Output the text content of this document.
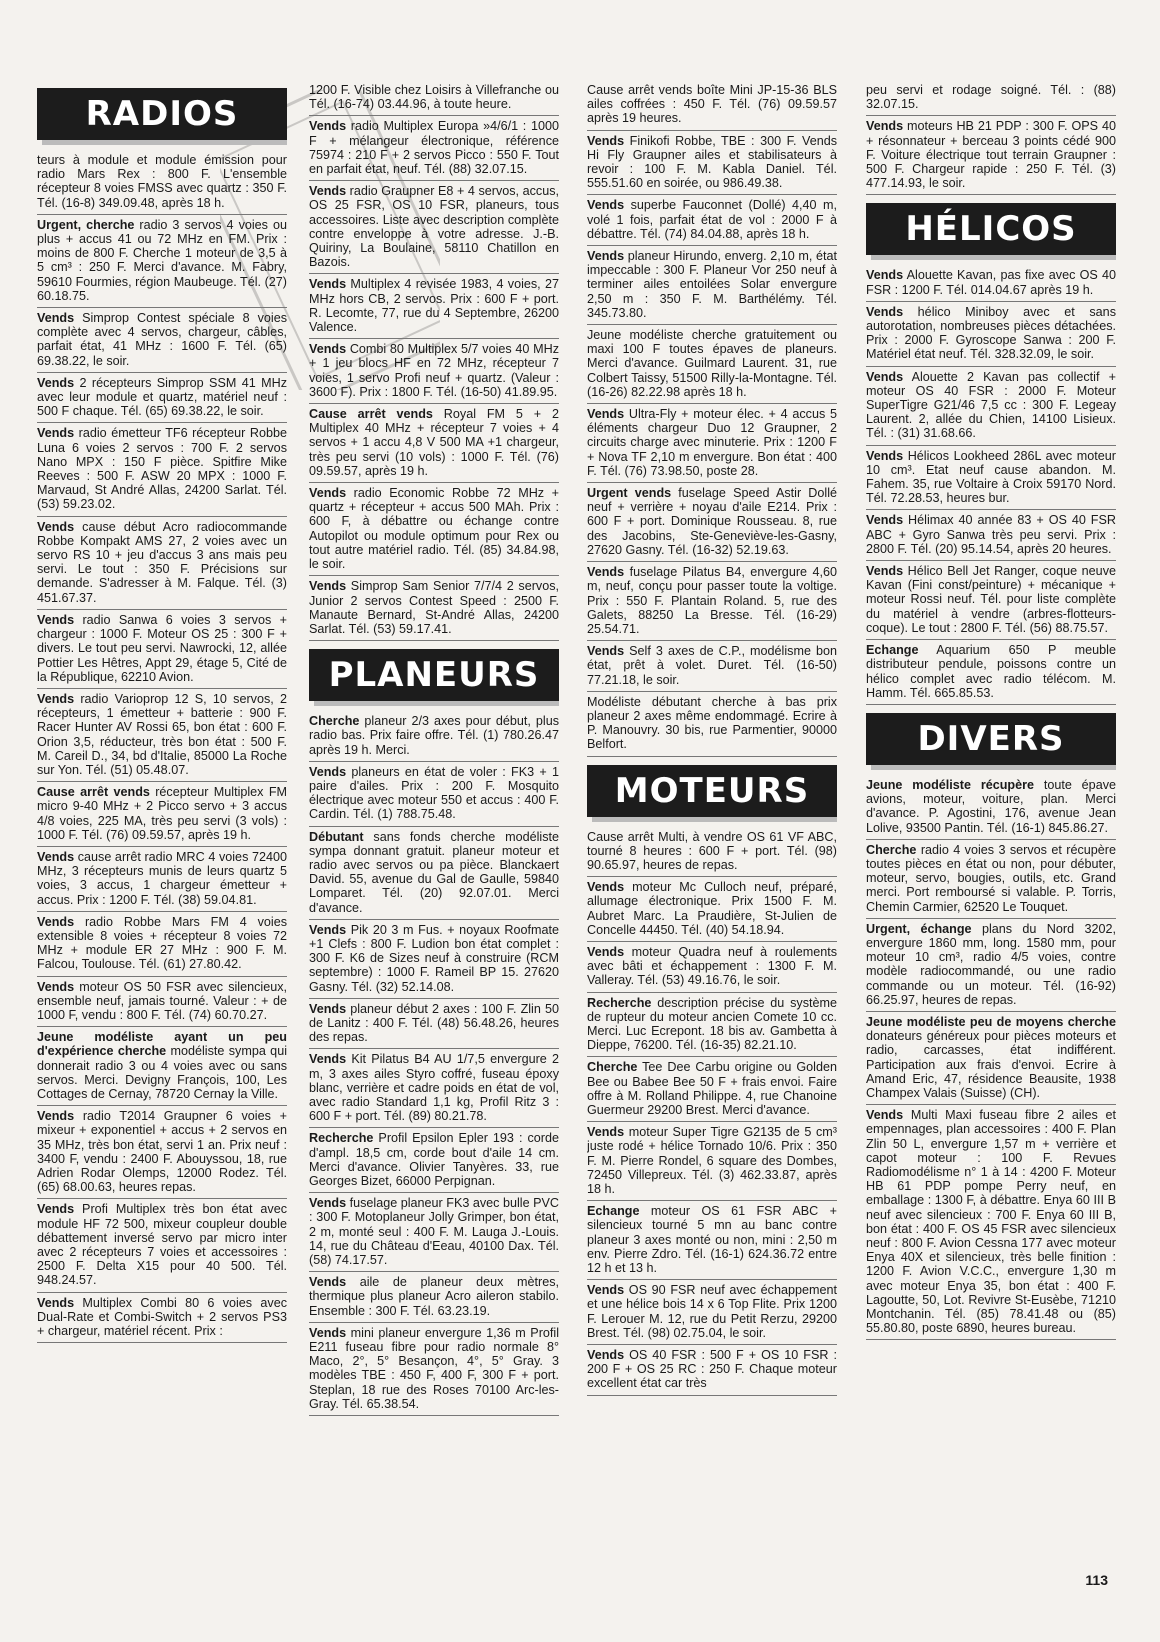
RADIOS

teurs à module et module émission pour radio Mars Rex : 800 F. L'ensemble récepteur 8 voies FMSS avec quartz : 350 F. Tél. (16-8) 349.09.48, après 18 h.

Urgent, cherche radio 3 servos 4 voies ou plus + accus 41 ou 72 MHz en FM. Prix : moins de 800 F. Cherche 1 moteur de 3,5 à 5 cm³ : 250 F. Merci d'avance. M. Fabry, 59610 Fourmies, région Maubeuge. Tél. (27) 60.18.75.

Vends Simprop Contest spéciale 8 voies complète avec 4 servos, chargeur, câbles, parfait état, 41 MHz : 1600 F. Tél. (65) 69.38.22, le soir.

Vends 2 récepteurs Simprop SSM 41 MHz avec leur module et quartz, matériel neuf : 500 F chaque. Tél. (65) 69.38.22, le soir.

Vends radio émetteur TF6 récepteur Robbe Luna 6 voies 2 servos : 700 F. 2 servos Nano MPX : 150 F pièce. Spitfire Mike Reeves : 500 F. ASW 20 MPX : 1000 F. Marvaud, St André Allas, 24200 Sarlat. Tél. (53) 59.23.02.

Vends cause début Acro radiocommande Robbe Kompakt AMS 27, 2 voies avec un servo RS 10 + jeu d'accus 3 ans mais peu servi. Le tout : 350 F. Précisions sur demande. S'adresser à M. Falque. Tél. (3) 451.67.37.

Vends radio Sanwa 6 voies 3 servos + chargeur : 1000 F. Moteur OS 25 : 300 F + divers. Le tout peu servi. Nawrocki, 12, allée Pottier Les Hêtres, Appt 29, étage 5, Cité de la République, 62210 Avion.

Vends radio Varioprop 12 S, 10 servos, 2 récepteurs, 1 émetteur + batterie : 900 F. Racer Hunter AV Rossi 65, bon état : 600 F. Orion 3,5, réducteur, très bon état : 500 F. M. Careil D., 34, bd d'Italie, 85000 La Roche sur Yon. Tél. (51) 05.48.07.

Cause arrêt vends récepteur Multiplex FM micro 9-40 MHz + 2 Picco servo + 3 accus 4/8 voies, 225 MA, très peu servi (3 vols) : 1000 F. Tél. (76) 09.59.57, après 19 h.

Vends cause arrêt radio MRC 4 voies 72400 MHz, 3 récepteurs munis de leurs quartz 5 voies, 3 accus, 1 chargeur émetteur + accus. Prix : 1200 F. Tél. (38) 59.04.81.

Vends radio Robbe Mars FM 4 voies extensible 8 voies + récepteur 8 voies 72 MHz + module ER 27 MHz : 900 F. M. Falcou, Toulouse. Tél. (61) 27.80.42.

Vends moteur OS 50 FSR avec silencieux, ensemble neuf, jamais tourné. Valeur : + de 1000 F, vendu : 800 F. Tél. (74) 60.70.27.

Jeune modéliste ayant un peu d'expérience cherche modéliste sympa qui donnerait radio 3 ou 4 voies avec ou sans servos. Merci. Devigny François, 100, Les Cottages de Cernay, 78720 Cernay la Ville.

Vends radio T2014 Graupner 6 voies + mixeur + exponentiel + accus + 2 servos en 35 MHz, très bon état, servi 1 an. Prix neuf : 3400 F, vendu : 2400 F. Abouyssou, 18, rue Adrien Rodar Olemps, 12000 Rodez. Tél. (65) 68.00.63, heures repas.

Vends Profi Multiplex très bon état avec module HF 72 500, mixeur coupleur double débattement inversé servo par micro inter avec 2 récepteurs 7 voies et accessoires : 2500 F. Delta X15 pour 40 500. Tél. 948.24.57.

Vends Multiplex Combi 80 6 voies avec Dual-Rate et Combi-Switch + 2 servos PS3 + chargeur, matériel récent. Prix :

1200 F. Visible chez Loisirs à Villefranche ou Tél. (16-74) 03.44.96, à toute heure.

Vends radio Multiplex Europa »4/6/1 : 1000 F + mélangeur électronique, référence 75974 : 210 F + 2 servos Picco : 550 F. Tout en parfait état, neuf. Tél. (88) 32.07.15.

Vends radio Graupner E8 + 4 servos, accus, OS 25 FSR, OS 10 FSR, planeurs, tous accessoires. Liste avec description complète contre enveloppe à votre adresse. J.-B. Quiriny, La Boulaine, 58110 Chatillon en Bazois.

Vends Multiplex 4 revisée 1983, 4 voies, 27 MHz hors CB, 2 servos. Prix : 600 F + port. R. Lecomte, 77, rue du 4 Septembre, 26200 Valence.

Vends Combi 80 Multiplex 5/7 voies 40 MHz + 1 jeu blocs HF en 72 MHz, récepteur 7 voies, 1 servo Profi neuf + quartz. (Valeur : 3600 F). Prix : 1800 F. Tél. (16-50) 41.89.95.

Cause arrêt vends Royal FM 5 + 2 Multiplex 40 MHz + récepteur 7 voies + 4 servos + 1 accu 4,8 V 500 MA +1 chargeur, très peu servi (10 vols) : 1000 F. Tél. (76) 09.59.57, après 19 h.

Vends radio Economic Robbe 72 MHz + quartz + récepteur + accus 500 MAh. Prix : 600 F, à débattre ou échange contre Autopilot ou module optimum pour Rex ou tout autre matériel radio. Tél. (85) 34.84.98, le soir.

Vends Simprop Sam Senior 7/7/4 2 servos, Junior 2 servos Contest Speed : 2500 F. Manaute Bernard, St-André Allas, 24200 Sarlat. Tél. (53) 59.17.41.

PLANEURS

Cherche planeur 2/3 axes pour début, plus radio bas. Prix faire offre. Tél. (1) 780.26.47 après 19 h. Merci.

Vends planeurs en état de voler : FK3 + 1 paire d'ailes. Prix : 200 F. Mosquito électrique avec moteur 550 et accus : 400 F. Cardin. Tél. (1) 788.75.48.

Débutant sans fonds cherche modéliste sympa donnant gratuit. planeur moteur et radio avec servos ou pa pièce. Blanckaert David. 55, avenue du Gal de Gaulle, 59840 Lomparet. Tél. (20) 92.07.01. Merci d'avance.

Vends Pik 20 3 m Fus. + noyaux Roofmate +1 Clefs : 800 F. Ludion bon état complet : 300 F. K6 de Sizes neuf à construire (RCM septembre) : 1000 F. Rameil BP 15. 27620 Gasny. Tél. (32) 52.14.08.

Vends planeur début 2 axes : 100 F. Zlin 50 de Lanitz : 400 F. Tél. (48) 56.48.26, heures des repas.

Vends Kit Pilatus B4 AU 1/7,5 envergure 2 m, 3 axes ailes Styro coffré, fuseau époxy blanc, verrière et cadre poids en état de vol, avec radio Standard 1,1 kg, Profil Ritz 3 : 600 F + port. Tél. (89) 80.21.78.

Recherche Profil Epsilon Epler 193 : corde d'ampl. 18,5 cm, corde bout d'aile 14 cm. Merci d'avance. Olivier Tanyères. 33, rue Georges Bizet, 66000 Perpignan.

Vends fuselage planeur FK3 avec bulle PVC : 300 F. Motoplaneur Jolly Grimper, bon état, 2 m, monté seul : 400 F. M. Lauga J.-Louis. 14, rue du Château d'Eeau, 40100 Dax. Tél. (58) 74.17.57.

Vends aile de planeur deux mètres, thermique plus planeur Acro aileron stabilo. Ensemble : 300 F. Tél. 63.23.19.

Vends mini planeur envergure 1,36 m Profil E211 fuseau fibre pour radio normale 8° Maco, 2°, 5° Besançon, 4°, 5° Gray. 3 modèles TBE : 450 F, 400 F, 300 F + port. Steplan, 18 rue des Roses 70100 Arc-les-Gray. Tél. 65.38.54.

Cause arrêt vends boîte Mini JP-15-36 BLS ailes coffrées : 450 F. Tél. (76) 09.59.57 après 19 heures.

Vends Finikofi Robbe, TBE : 300 F. Vends Hi Fly Graupner ailes et stabilisateurs à revoir : 100 F. M. Kabla Daniel. Tél. 555.51.60 en soirée, ou 986.49.38.

Vends superbe Fauconnet (Dollé) 4,40 m, volé 1 fois, parfait état de vol : 2000 F à débattre. Tél. (74) 84.04.88, après 18 h.

Vends planeur Hirundo, enverg. 2,10 m, état impeccable : 300 F. Planeur Vor 250 neuf à terminer ailes entoilées Solar envergure 2,50 m : 350 F. M. Barthélémy. Tél. 345.73.80.

Jeune modéliste cherche gratuitement ou maxi 100 F toutes épaves de planeurs. Merci d'avance. Guilmard Laurent. 31, rue Colbert Taissy, 51500 Rilly-la-Montagne. Tél. (16-26) 82.22.98 après 18 h.

Vends Ultra-Fly + moteur élec. + 4 accus 5 éléments chargeur Duo 12 Graupner, 2 circuits charge avec minuterie. Prix : 1200 F + Nova TF 2,10 m envergure. Bon état : 400 F. Tél. (76) 73.98.50, poste 28.

Urgent vends fuselage Speed Astir Dollé neuf + verrière + noyau d'aile E214. Prix : 600 F + port. Dominique Rousseau. 8, rue des Jacobins, Ste-Geneviève-les-Gasny, 27620 Gasny. Tél. (16-32) 52.19.63.

Vends fuselage Pilatus B4, envergure 4,60 m, neuf, conçu pour passer toute la voltige. Prix : 550 F. Plantain Roland. 5, rue des Galets, 88250 La Bresse. Tél. (16-29) 25.54.71.

Vends Self 3 axes de C.P., modélisme bon état, prêt à volet. Duret. Tél. (16-50) 77.21.18, le soir.

Modéliste débutant cherche à bas prix planeur 2 axes même endommagé. Ecrire à P. Manouvry. 30 bis, rue Parmentier, 90000 Belfort.

MOTEURS

Cause arrêt Multi, à vendre OS 61 VF ABC, tourné 8 heures : 600 F + port. Tél. (98) 90.65.97, heures de repas.

Vends moteur Mc Culloch neuf, préparé, allumage électronique. Prix 1500 F. M. Aubret Marc. La Praudière, St-Julien de Concelle 44450. Tél. (40) 54.18.94.

Vends moteur Quadra neuf à roulements avec bâti et échappement : 1300 F. M. Valleray. Tél. (53) 49.16.76, le soir.

Recherche description précise du système de rupteur du moteur ancien Comete 10 cc. Merci. Luc Ecrepont. 18 bis av. Gambetta à Dieppe, 76200. Tél. (16-35) 82.21.10.

Cherche Tee Dee Carbu origine ou Golden Bee ou Babee Bee 50 F + frais envoi. Faire offre à M. Rolland Philippe. 4, rue Chanoine Guermeur 29200 Brest. Merci d'avance.

Vends moteur Super Tigre G2135 de 5 cm³ juste rodé + hélice Tornado 10/6. Prix : 350 F. M. Pierre Rondel, 6 square des Dombes, 72450 Villepreux. Tél. (3) 462.33.87, après 18 h.

Echange moteur OS 61 FSR ABC + silencieux tourné 5 mn au banc contre planeur 3 axes monté ou non, mini : 2,50 m env. Pierre Zdro. Tél. (16-1) 624.36.72 entre 12 h et 13 h.

Vends OS 90 FSR neuf avec échappement et une hélice bois 14 x 6 Top Flite. Prix 1200 F. Lerouer M. 12, rue du Petit Rerzu, 29200 Brest. Tél. (98) 02.75.04, le soir.

Vends OS 40 FSR : 500 F + OS 10 FSR : 200 F + OS 25 RC : 250 F. Chaque moteur excellent état car très

peu servi et rodage soigné. Tél. : (88) 32.07.15.

Vends moteurs HB 21 PDP : 300 F. OPS 40 + résonnateur + berceau 3 points cédé 900 F. Voiture électrique tout terrain Graupner : 500 F. Chargeur rapide : 250 F. Tél. (3) 477.14.93, le soir.

HÉLICOS

Vends Alouette Kavan, pas fixe avec OS 40 FSR : 1200 F. Tél. 014.04.67 après 19 h.

Vends hélico Miniboy avec et sans autorotation, nombreuses pièces détachées. Prix : 2000 F. Gyroscope Sanwa : 200 F. Matériel état neuf. Tél. 328.32.09, le soir.

Vends Alouette 2 Kavan pas collectif + moteur OS 40 FSR : 2000 F. Moteur SuperTigre G21/46 7,5 cc : 300 F. Legeay Laurent. 2, allée du Chien, 14100 Lisieux. Tél. : (31) 31.68.66.

Vends Hélicos Lookheed 286L avec moteur 10 cm³. Etat neuf cause abandon. M. Fahem. 35, rue Voltaire à Croix 59170 Nord. Tél. 72.28.53, heures bur.

Vends Hélimax 40 année 83 + OS 40 FSR ABC + Gyro Sanwa très peu servi. Prix : 2800 F. Tél. (20) 95.14.54, après 20 heures.

Vends Hélico Bell Jet Ranger, coque neuve Kavan (Fini const/peinture) + mécanique + moteur Rossi neuf. Tél. pour liste complète du matériel à vendre (arbres-flotteurs-coque). Le tout : 2800 F. Tél. (56) 88.75.57.

Echange Aquarium 650 P meuble distributeur pendule, poissons contre un hélico complet avec radio télécom. M. Hamm. Tél. 665.85.53.

DIVERS

Jeune modéliste récupère toute épave avions, moteur, voiture, plan. Merci d'avance. P. Agostini, 176, avenue Jean Lolive, 93500 Pantin. Tél. (16-1) 845.86.27.

Cherche radio 4 voies 3 servos et récupère toutes pièces en état ou non, pour débuter, moteur, servo, bougies, outils, etc. Grand merci. Port remboursé si valable. P. Torris, Chemin Carmier, 62520 Le Touquet.

Urgent, échange plans du Nord 3202, envergure 1860 mm, long. 1580 mm, pour moteur 10 cm³, radio 4/5 voies, contre modèle radiocommandé, ou une radio commande ou un moteur. Tél. (16-92) 66.25.97, heures de repas.

Jeune modéliste peu de moyens cherche donateurs généreux pour pièces moteurs et radio, carcasses, état indifférent. Participation aux frais d'envoi. Ecrire à Amand Eric, 47, résidence Beausite, 1938 Champex Valais (Suisse) (CH).

Vends Multi Maxi fuseau fibre 2 ailes et empennages, plan accessoires : 400 F. Plan Zlin 50 L, envergure 1,57 m + verrière et capot moteur : 100 F. Revues Radiomodélisme n° 1 à 14 : 4200 F. Moteur HB 61 PDP pompe Perry neuf, en emballage : 1300 F, à débattre. Enya 60 III B neuf avec silencieux : 700 F. Enya 60 III B, bon état : 400 F. OS 45 FSR avec silencieux neuf : 800 F. Avion Cessna 177 avec moteur Enya 40X et silencieux, très belle finition : 1200 F. Avion V.C.C., envergure 1,30 m avec moteur Enya 35, bon état : 400 F. Lagoutte, 50, Lot. Revivre St-Eusèbe, 71210 Montchanin. Tél. (85) 78.41.48 ou (85) 55.80.80, poste 6890, heures bureau.

113
